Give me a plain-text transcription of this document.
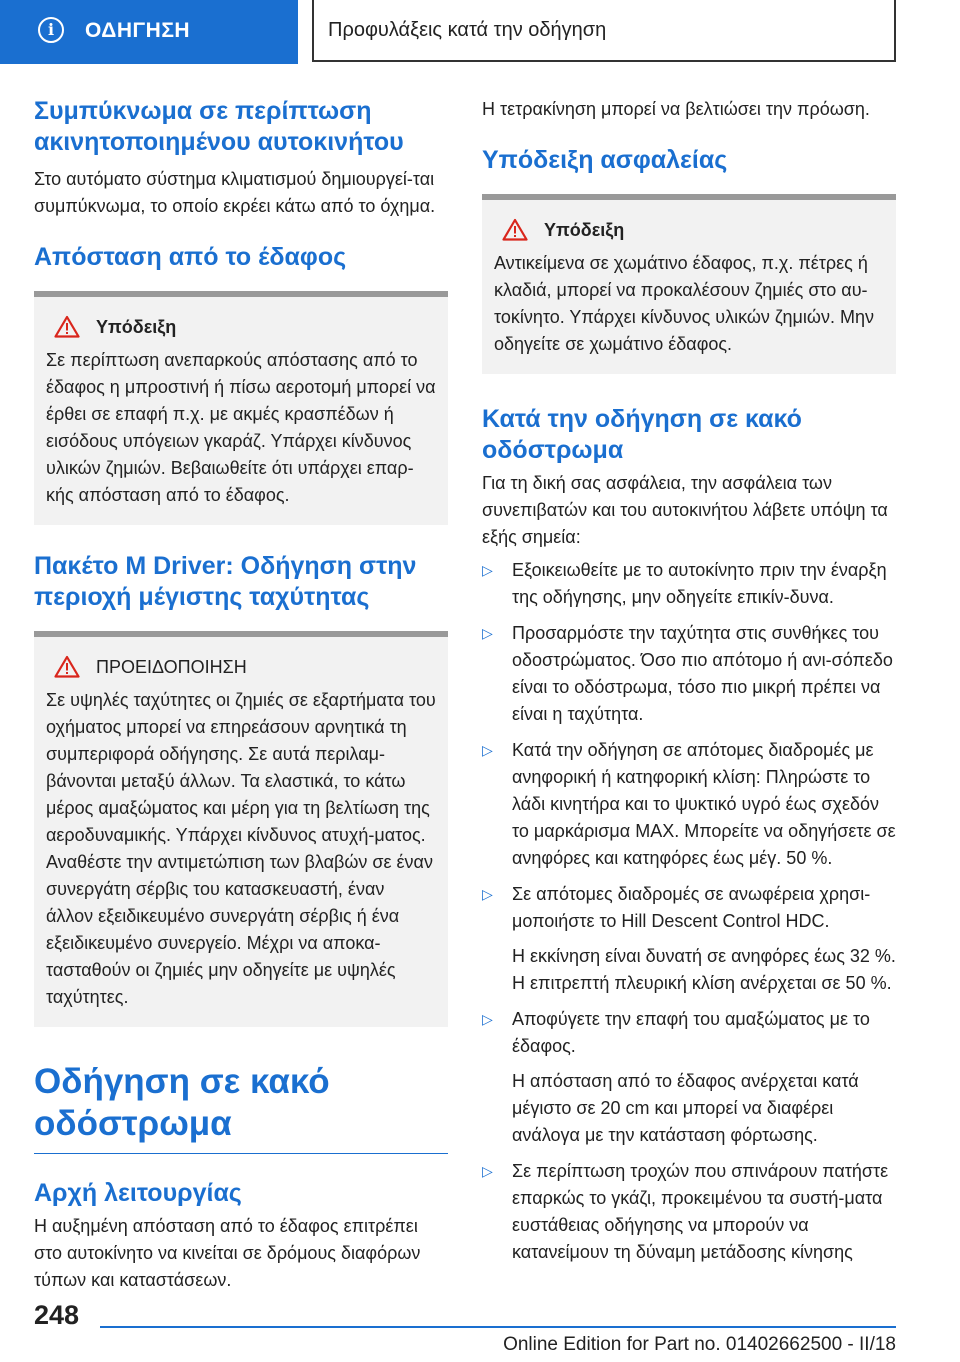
i	ΟΔΗΓΗΣΗ	Προφυλάξεις κατά την οδήγηση
Συμπύκνωμα σε περίπτωση ακινητοποιημένου αυτοκινήτου

Στο αυτόματο σύστημα κλιματισμού δημιουργεί-ται συμπύκνωμα, το οποίο εκρέει κάτω από το όχημα.

Απόσταση από το έδαφος
Υπόδειξη

Σε περίπτωση ανεπαρκούς απόστασης από το έδαφος η μπροστινή ή πίσω αεροτομή μπορεί να έρθει σε επαφή π.χ. με ακμές κρασπέδων ή εισόδους υπόγειων γκαράζ. Υπάρχει κίνδυνος υλικών ζημιών. Βεβαιωθείτε ότι υπάρχει επαρ-κής απόσταση από το έδαφος.

Πακέτο M Driver: Οδήγηση στην περιοχή μέγιστης ταχύτητας
ΠΡΟΕΙΔΟΠΟΙΗΣΗ

Σε υψηλές ταχύτητες οι ζημιές σε εξαρτήματα του οχήματος μπορεί να επηρεάσουν αρνητικά τη συμπεριφορά οδήγησης. Σε αυτά περιλαμ-βάνονται μεταξύ άλλων. Τα ελαστικά, το κάτω μέρος αμαξώματος και μέρη για τη βελτίωση της αεροδυναμικής. Υπάρχει κίνδυνος ατυχή-ματος. Αναθέστε την αντιμετώπιση των βλαβών σε έναν συνεργάτη σέρβις του κατασκευαστή, έναν άλλον εξειδικευμένο συνεργάτη σέρβις ή ένα εξειδικευμένο συνεργείο. Μέχρι να αποκα-τασταθούν οι ζημιές μην οδηγείτε με υψηλές ταχύτητες.

Οδήγηση σε κακό οδόστρωμα
Αρχή λειτουργίας

Η αυξημένη απόσταση από το έδαφος επιτρέπει στο αυτοκίνητο να κινείται σε δρόμους διαφόρων τύπων και καταστάσεων.

Η τετρακίνηση μπορεί να βελτιώσει την πρόωση.

Υπόδειξη ασφαλείας
Υπόδειξη

Αντικείμενα σε χωμάτινο έδαφος, π.χ. πέτρες ή κλαδιά, μπορεί να προκαλέσουν ζημιές στο αυ-τοκίνητο. Υπάρχει κίνδυνος υλικών ζημιών. Μην οδηγείτε σε χωμάτινο έδαφος.

Κατά την οδήγηση σε κακό οδόστρωμα

Για τη δική σας ασφάλεια, την ασφάλεια των συνεπιβατών και του αυτοκινήτου λάβετε υπόψη τα εξής σημεία:

▷ Εξοικειωθείτε με το αυτοκίνητο πριν την έναρξη της οδήγησης, μην οδηγείτε επικίν-δυνα.
▷ Προσαρμόστε την ταχύτητα στις συνθήκες του οδοστρώματος. Όσο πιο απότομο ή ανι-σόπεδο είναι το οδόστρωμα, τόσο πιο μικρή πρέπει να είναι η ταχύτητα.
▷ Κατά την οδήγηση σε απότομες διαδρομές με ανηφορική ή κατηφορική κλίση: Πληρώστε το λάδι κινητήρα και το ψυκτικό υγρό έως σχεδόν το μαρκάρισμα MAX. Μπορείτε να οδηγήσετε σε ανηφόρες και κατηφόρες έως μέγ. 50 %.
▷ Σε απότομες διαδρομές σε ανωφέρεια χρησι-μοποιήστε το Hill Descent Control HDC.

Η εκκίνηση είναι δυνατή σε ανηφόρες έως 32 %. Η επιτρεπτή πλευρική κλίση ανέρχεται σε 50 %.

▷ Αποφύγετε την επαφή του αμαξώματος με το έδαφος.

Η απόσταση από το έδαφος ανέρχεται κατά μέγιστο σε 20 cm και μπορεί να διαφέρει ανάλογα με την κατάσταση φόρτωσης.

▷ Σε περίπτωση τροχών που σπινάρουν πατήστε επαρκώς το γκάζι, προκειμένου τα συστή-ματα ευστάθειας οδήγησης να μπορούν να κατανείμουν τη δύναμη μετάδοσης κίνησης
248
Online Edition for Part no. 01402662500 - II/18
